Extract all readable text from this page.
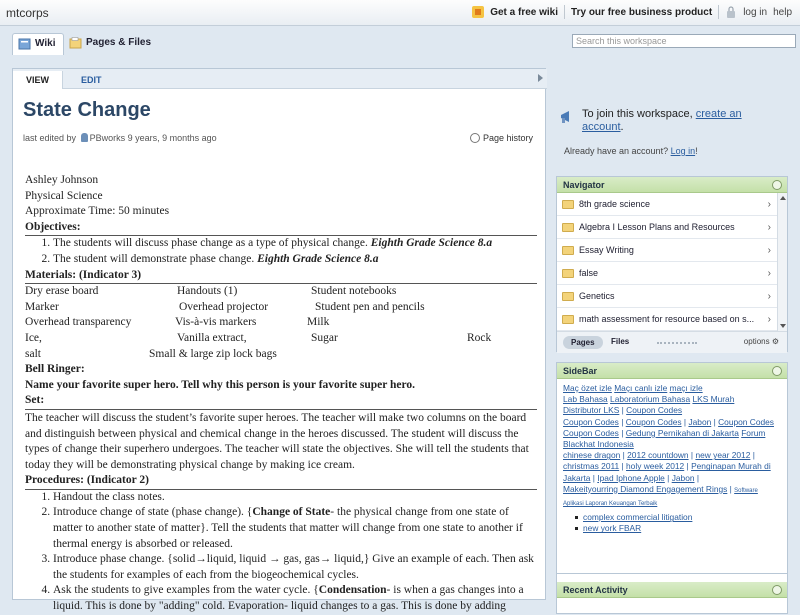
mtcorps	Get a free wiki Try our free business product	log in help
Wiki	Pages & Files	Search this workspace
VIEW	EDIT
State Change
last edited by PBworks 9 years, 9 months ago	Page history
Ashley Johnson
Physical Science
Approximate Time: 50 minutes
Objectives:
1. The students will discuss phase change as a type of physical change. Eighth Grade Science 8.a
2. The student will demonstrate phase change. Eighth Grade Science 8.a
Materials: (Indicator 3)
Dry erase board	Handouts (1)	Student notebooks
Marker	Overhead projector	Student pen and pencils
Overhead transparency	Vis-à-vis markers	Milk
Ice,	Vanilla extract,	Sugar	Rock
salt	Small & large zip lock bags
Bell Ringer:
Name your favorite super hero. Tell why this person is your favorite super hero.
Set:
The teacher will discuss the student’s favorite super heroes. The teacher will make two columns on the board and distinguish between physical and chemical change in the heroes discussed. The student will discuss the types of change their superhero undergoes. The teacher will state the objectives. She will tell the students that today they will be demonstrating physical change by making ice cream.
Procedures: (Indicator 2)
1. Handout the class notes.
2. Introduce change of state (phase change). {Change of State- the physical change from one state of matter to another state of matter}. Tell the students that matter will change from one state to another if thermal energy is absorbed or released.
3. Introduce phase change. {solid→liquid, liquid → gas, gas→ liquid,} Give an example of each. Then ask the students for examples of each from the biogeochemical cycles.
4. Ask the students to give examples from the water cycle. {Condensation- is when a gas changes into a liquid. This is done by "adding" cold. Evaporation- liquid changes to a gas. This is done by adding
To join this workspace, create an account.
Already have an account? Log in!
Navigator
8th grade science	›
Algebra I Lesson Plans and Resources	›
Essay Writing	›
false	›
Genetics	›
math assessment for resource based on s... ›
Pages	Files	options ⚙
SideBar
Maç özet izle Maçı canlı izle maçı izle
Lab Bahasa Laboratorium Bahasa LKS Murah
Distributor LKS | Coupon Codes
Coupon Codes | Coupon Codes | Jabon | Coupon Codes
Coupon Codes | Gedung Pernikahan di Jakarta Forum Blackhat Indonesia
chinese dragon | 2012 countdown | new year 2012 |
christmas 2011 | holy week 2012 | Penginapan Murah di Jakarta | Ipad Iphone Apple | Jabon |
Makeityourring Diamond Engagement Rings | Software
Aplikasi Laporan Keuangan Terbaik
complex commercial litigation
new york FBAR
Recent Activity
